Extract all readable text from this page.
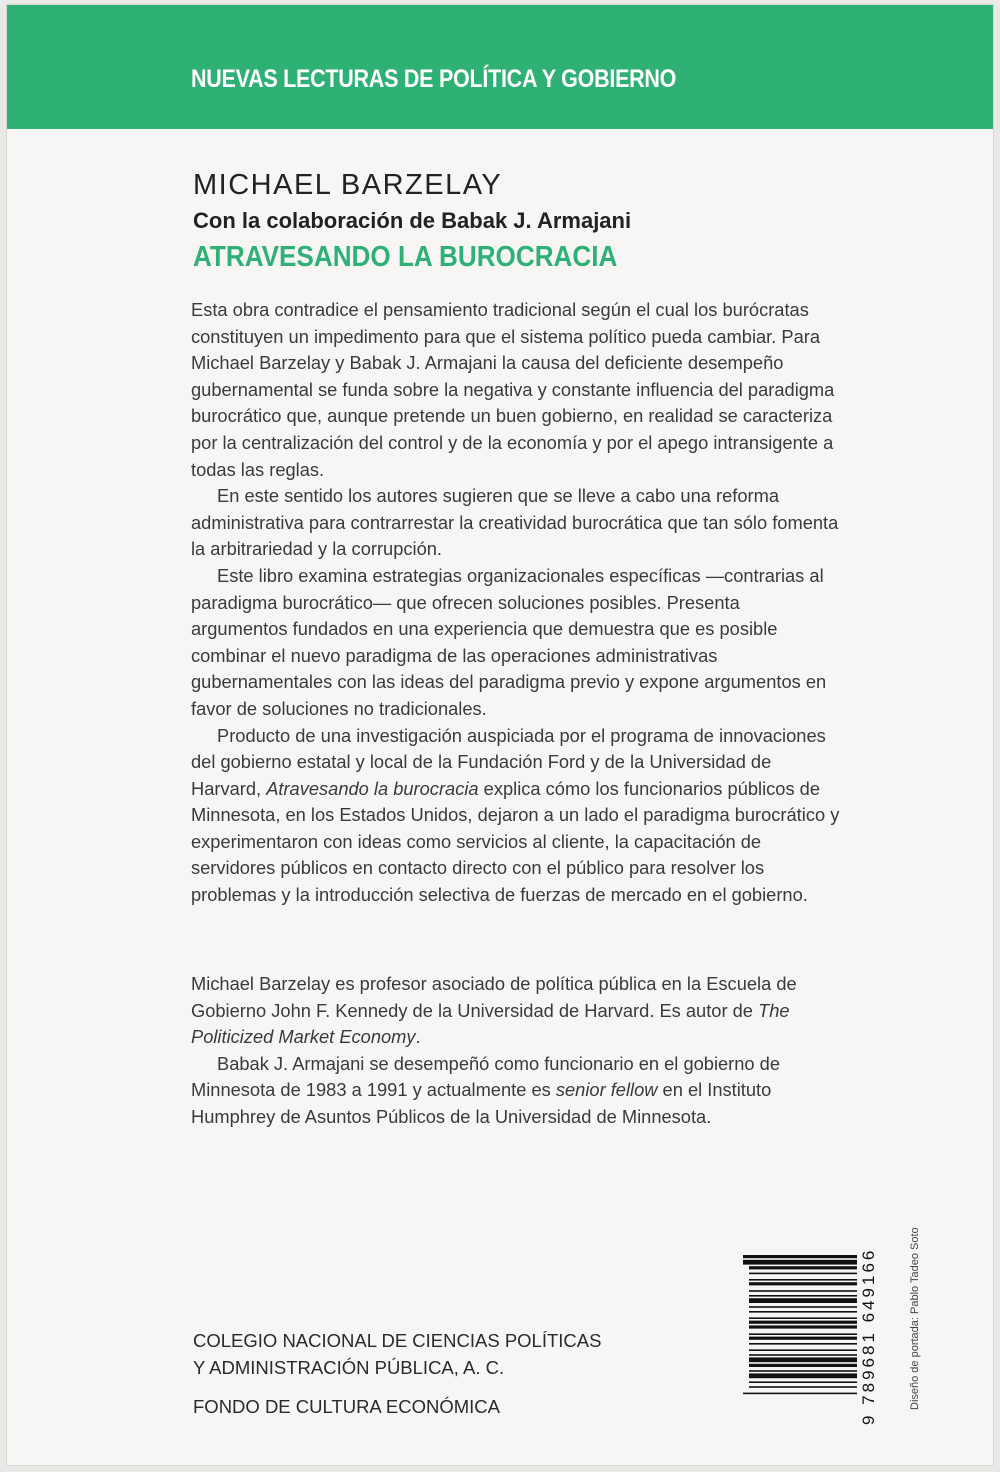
NUEVAS LECTURAS DE POLÍTICA Y GOBIERNO
MICHAEL BARZELAY
Con la colaboración de Babak J. Armajani
ATRAVESANDO LA BUROCRACIA

Esta obra contradice el pensamiento tradicional según el cual los burócratas constituyen un impedimento para que el sistema político pueda cambiar. Para Michael Barzelay y Babak J. Armajani la causa del deficiente desempeño gubernamental se funda sobre la negativa y constante influencia del paradigma burocrático que, aunque pretende un buen gobierno, en realidad se caracteriza por la centralización del control y de la economía y por el apego intransigente a todas las reglas.

En este sentido los autores sugieren que se lleve a cabo una reforma administrativa para contrarrestar la creatividad burocrática que tan sólo fomenta la arbitrariedad y la corrupción.

Este libro examina estrategias organizacionales específicas —contrarias al paradigma burocrático— que ofrecen soluciones posibles. Presenta argumentos fundados en una experiencia que demuestra que es posible combinar el nuevo paradigma de las operaciones administrativas gubernamentales con las ideas del paradigma previo y expone argumentos en favor de soluciones no tradicionales.

Producto de una investigación auspiciada por el programa de innovaciones del gobierno estatal y local de la Fundación Ford y de la Universidad de Harvard, Atravesando la burocracia explica cómo los funcionarios públicos de Minnesota, en los Estados Unidos, dejaron a un lado el paradigma burocrático y experimentaron con ideas como servicios al cliente, la capacitación de servidores públicos en contacto directo con el público para resolver los problemas y la introducción selectiva de fuerzas de mercado en el gobierno.

Michael Barzelay es profesor asociado de política pública en la Escuela de Gobierno John F. Kennedy de la Universidad de Harvard. Es autor de The Politicized Market Economy.

Babak J. Armajani se desempeñó como funcionario en el gobierno de Minnesota de 1983 a 1991 y actualmente es senior fellow en el Instituto Humphrey de Asuntos Públicos de la Universidad de Minnesota.

COLEGIO NACIONAL DE CIENCIAS POLÍTICAS
Y ADMINISTRACIÓN PÚBLICA, A. C.
FONDO DE CULTURA ECONÓMICA	9 789681 649166	Diseño de portada: Pablo Tadeo Soto
